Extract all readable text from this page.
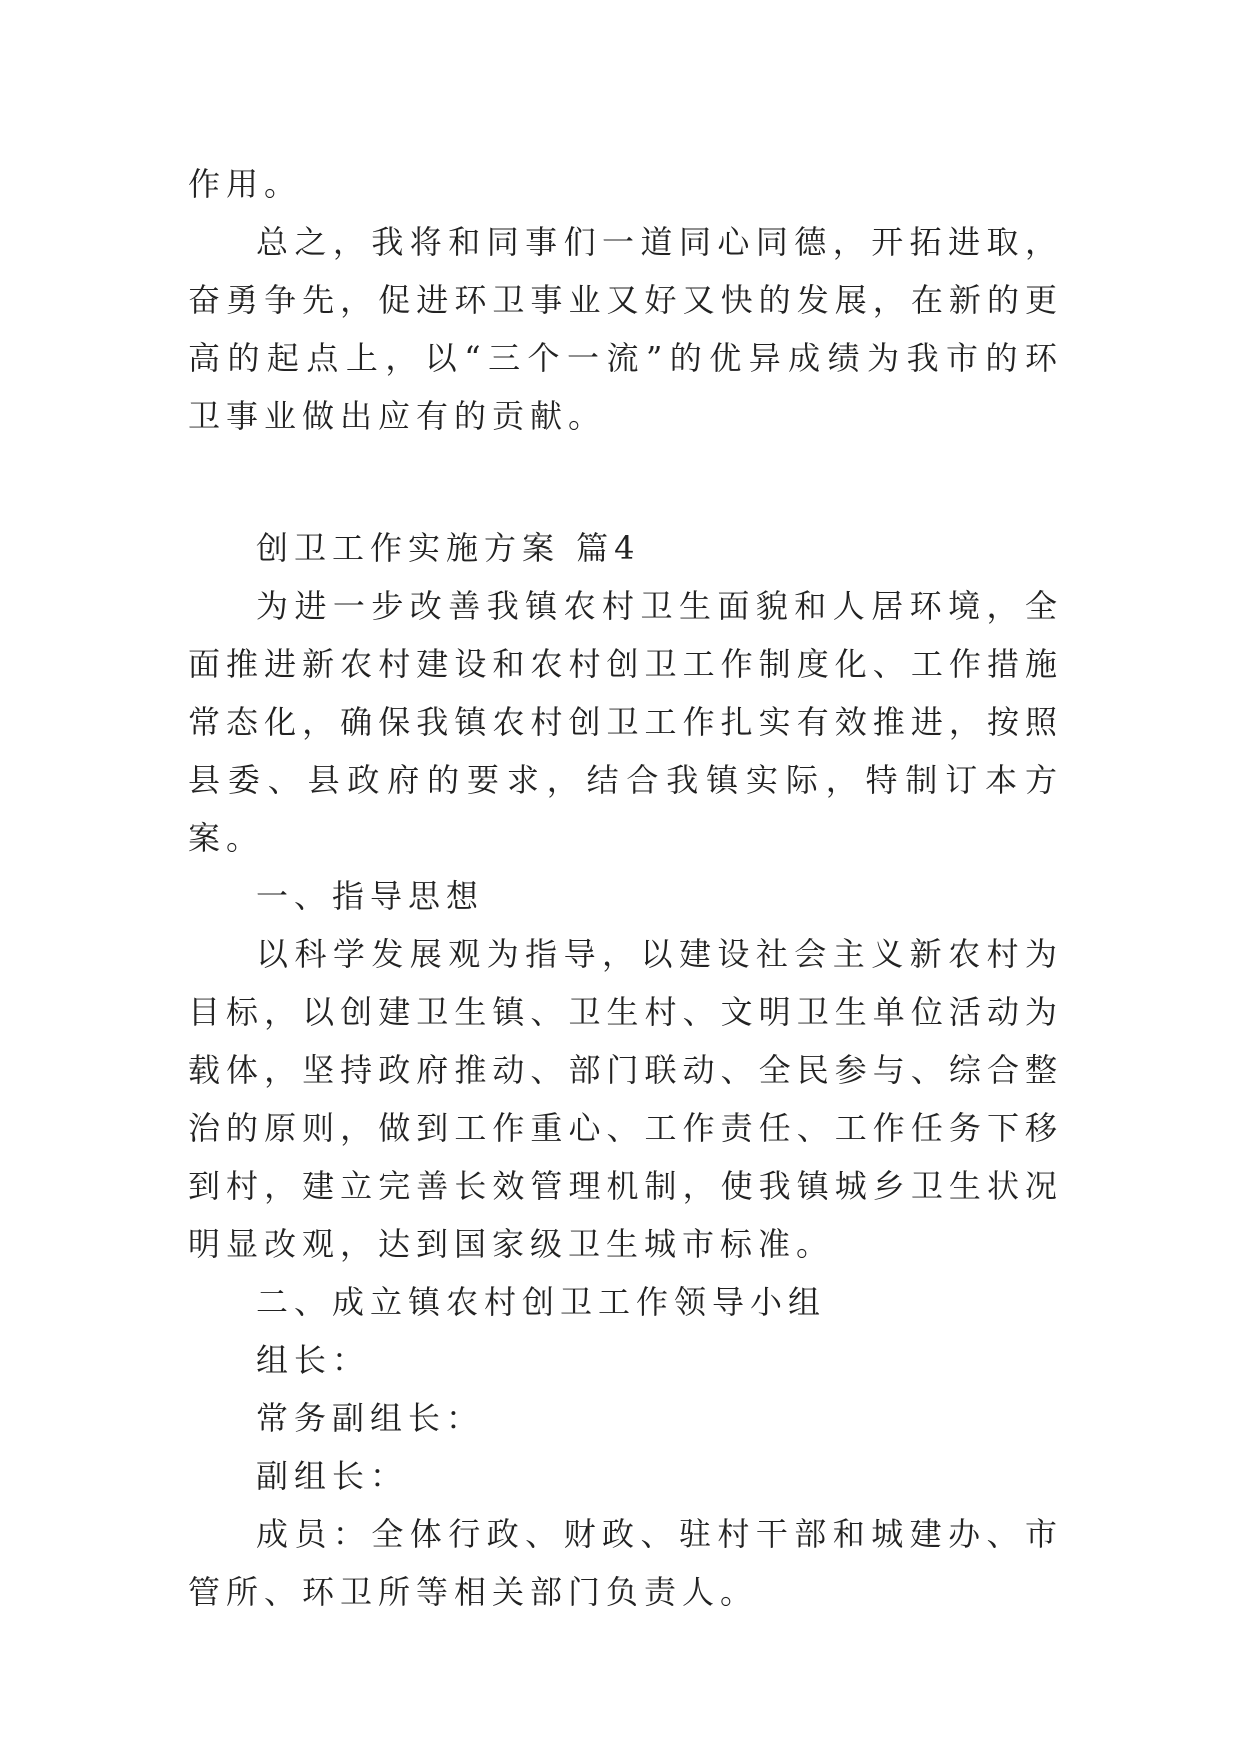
作用。

总之，我将和同事们一道同心同德，开拓进取，奋勇争先，促进环卫事业又好又快的发展，在新的更高的起点上，以“三个一流”的优异成绩为我市的环卫事业做出应有的贡献。

创卫工作实施方案 篇4

为进一步改善我镇农村卫生面貌和人居环境，全面推进新农村建设和农村创卫工作制度化、工作措施常态化，确保我镇农村创卫工作扎实有效推进，按照县委、县政府的要求，结合我镇实际，特制订本方案。

一、指导思想

以科学发展观为指导，以建设社会主义新农村为目标，以创建卫生镇、卫生村、文明卫生单位活动为载体，坚持政府推动、部门联动、全民参与、综合整治的原则，做到工作重心、工作责任、工作任务下移到村，建立完善长效管理机制，使我镇城乡卫生状况明显改观，达到国家级卫生城市标准。

二、成立镇农村创卫工作领导小组

组长：

常务副组长：

副组长：

成员：全体行政、财政、驻村干部和城建办、市管所、环卫所等相关部门负责人。
